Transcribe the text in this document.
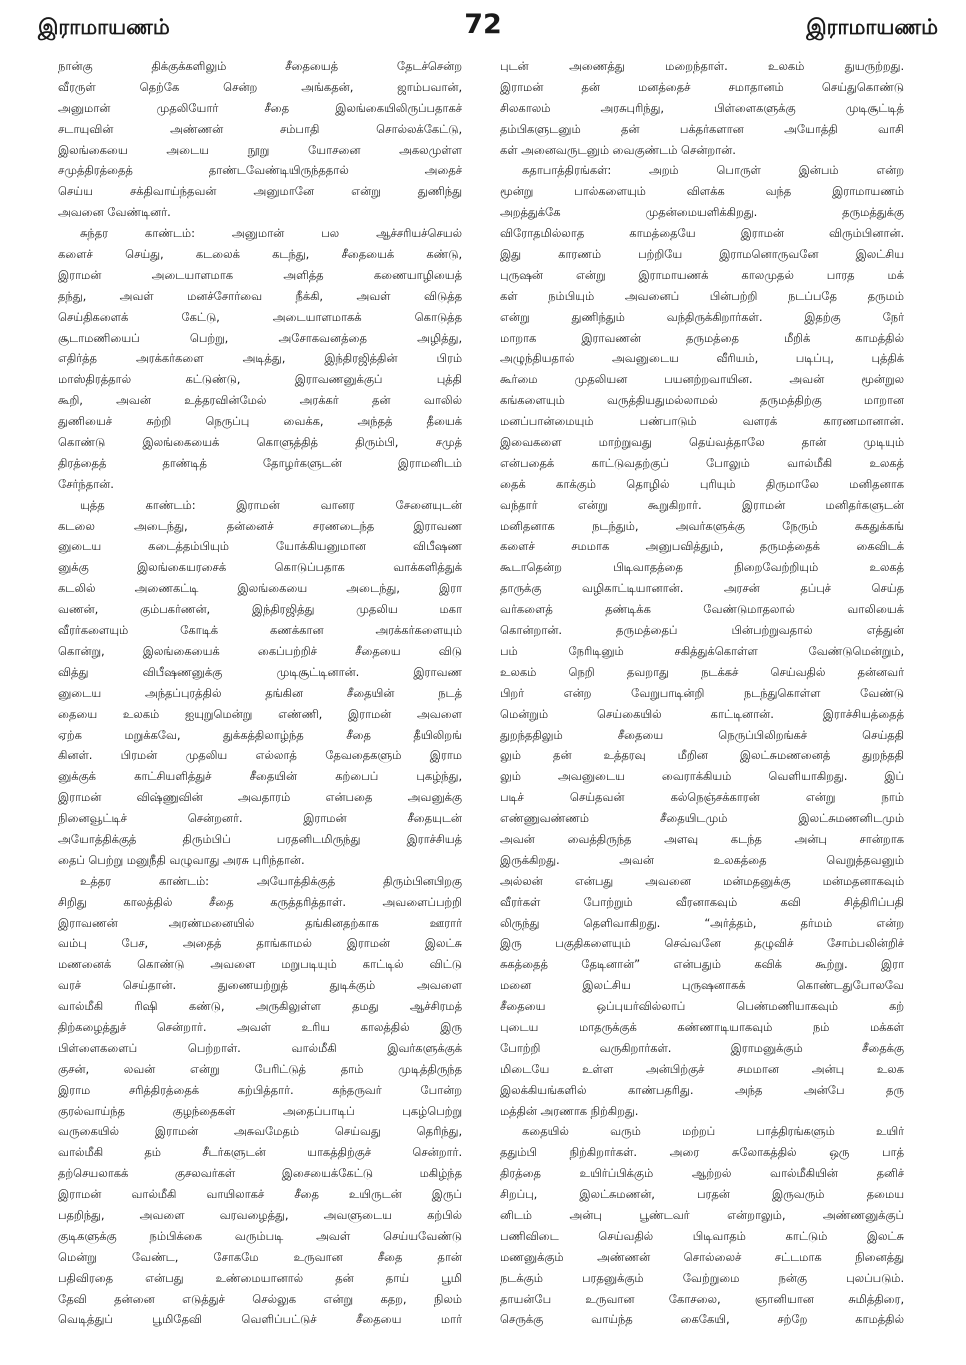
இராமாயணம்	72	இராமாயணம்
நான்கு திக்குக்களிலும் சீதையைத் தேடச்சென்ற
வீரருள் தெற்கே சென்ற அங்கதன், ஜாம்பவான்,
அனுமான் முதலியோர் சீதை இலங்கையிலிருப்பதாகச்
சடாயுவின் அண்ணன் சம்பாதி சொல்லக்கேட்டு,
இலங்கையை அடைய நூறு யோசனை அகலமுள்ள
சமுத்திரத்தைத் தாண்டவேண்டியிருந்ததால் அதைச்
செய்ய சக்திவாய்ந்தவன் அனுமானே என்று துணிந்து
அவனை வேண்டினர்.
சுந்தர காண்டம்: அனுமான் பல ஆச்சரியச்செயல்
களைச் செய்து, கடலைக் கடந்து, சீதையைக் கண்டு,
இராமன் அடையாளமாக அளித்த கணையாழியைத்
தந்து, அவள் மனச்சோர்வை நீக்கி, அவள் விடுத்த
செய்திகளைக் கேட்டு, அடையாளமாகக் கொடுத்த
சூடாமணியைப் பெற்று, அசோகவனத்தை அழித்து,
எதிர்த்த அரக்கர்களை அடித்து, இந்திரஜித்தின் பிரம்
மாஸ்திரத்தால் கட்டுண்டு, இராவணனுக்குப் புத்தி
கூறி, அவன் உத்தரவின்மேல் அரக்கர் தன் வாலில்
துணியைச் சுற்றி நெருப்பு வைக்க, அந்தத் தீயைக்
கொண்டு இலங்கையைக் கொளுத்தித் திரும்பி, சமுத்
திரத்தைத் தாண்டித் தோழர்களுடன் இராமனிடம்
சேர்ந்தான்.
யுத்த காண்டம்: இராமன் வானர சேனையுடன்
கடலை அடைந்து, தன்னைச் சரணடைந்த இராவண
னுடைய கடைத்தம்பியும் யோக்கியனுமான விபீஷண
னுக்கு இலங்கையரசைக் கொடுப்பதாக வாக்களித்துக்
கடலில் அணைகட்டி இலங்கையை அடைந்து, இரா
வணன், கும்பகர்ணன், இந்திரஜித்து முதலிய மகா
வீரர்களையும் கோடிக் கணக்கான அரக்கர்களையும்
கொன்று, இலங்கையைக் கைப்பற்றிச் சீதையை விடு
வித்து விபீஷணனுக்கு முடிசூட்டினான். இராவண
னுடைய அந்தப்புரத்தில் தங்கின சீதையின் நடத்
தையை உலகம் ஐயுறுமென்று எண்ணி, இராமன் அவளை
ஏற்க மறுக்கவே, துக்கத்திலாழ்ந்த சீதை தீயிலிறங்
கினள். பிரமன் முதலிய எல்லாத் தேவதைகளும் இராம
னுக்குக் காட்சியளித்துச் சீதையின் கற்பைப் புகழ்ந்து,
இராமன் விஷ்ணுவின் அவதாரம் என்பதை அவனுக்கு
நினைவூட்டிச் சென்றனர். இராமன் சீதையுடன்
அயோத்திக்குத் திரும்பிப் பரதனிடமிருந்து இராச்சியத்
தைப் பெற்று மனுநீதி வழுவாது அரசு புரிந்தான்.
உத்தர காண்டம்: அயோத்திக்குத் திரும்பினபிறகு
சிறிது காலத்தில் சீதை கருத்தரித்தாள். அவளைப்பற்றி
இராவணன் அரண்மனையில் தங்கினதற்காக ஊரார்
வம்பு பேச, அதைத் தாங்காமல் இராமன் இலட்சு
மணனைக் கொண்டு அவளை மறுபடியும் காட்டில் விட்டு
வரச் செய்தான். துணையற்றுத் துடிக்கும் அவளை
வால்மீகி ரிஷி கண்டு, அருகிலுள்ள தமது ஆச்சிரமத்
திற்கழைத்துச் சென்றார். அவள் உரிய காலத்தில் இரு
பிள்ளைகளைப் பெற்றாள். வால்மீகி இவர்களுக்குக்
குசன், லவன் என்று பேரிட்டுத் தாம் முடித்திருந்த
இராம சரித்திரத்தைக் கற்பித்தார். கந்தருவர் போன்ற
குரல்வாய்ந்த குழந்தைகள் அதைப்பாடிப் புகழ்பெற்று
வருகையில் இராமன் அசுவமேதம் செய்வது தெரிந்து,
வால்மீகி தம் சீடர்களுடன் யாகத்திற்குச் சென்றார்.
தற்செயலாகக் குசலவர்கள் இசையைக்கேட்டு மகிழ்ந்த
இராமன் வால்மீகி வாயிலாகச் சீதை உயிருடன் இருப்
பதறிந்து, அவளை வரவழைத்து, அவளுடைய கற்பில்
குடிகளுக்கு நம்பிக்கை வரும்படி அவள் செய்யவேண்டு
மென்று வேண்ட, சோகமே உருவான சீதை தான்
பதிவிரதை என்பது உண்மையானால் தன் தாய் பூமி
தேவி தன்னை எடுத்துச் செல்லுக என்று கதற, நிலம்
வெடித்துப் பூமிதேவி வெளிப்பட்டுச் சீதையை மார்
புடன் அணைத்து மறைந்தாள். உலகம் துயருற்றது.
இராமன் தன் மனத்தைச் சமாதானம் செய்துகொண்டு
சிலகாலம் அரசுபுரிந்து, பிள்ளைகளுக்கு முடிசூட்டித்
தம்பிகளுடனும் தன் பக்தர்களான அயோத்தி வாசி
கள் அனைவருடனும் வைகுண்டம் சென்றான்.
கதாபாத்திரங்கள்: அறம் பொருள் இன்பம் என்ற
மூன்று பால்களையும் விளக்க வந்த இராமாயணம்
அறத்துக்கே முதன்மையளிக்கிறது. தருமத்துக்கு
விரோதமில்லாத காமத்தையே இராமன் விரும்பினான்.
இது காரணம் பற்றியே இராமனொருவனே இலட்சிய
புருஷன் என்று இராமாயணக் காலமுதல் பாரத மக்
கள் நம்பியும் அவனைப் பின்பற்றி நடப்பதே தருமம்
என்று துணிந்தும் வந்திருக்கிறார்கள். இதற்கு நேர்
மாறாக இராவணன் தருமத்தை மீறிக் காமத்தில்
அழுந்தியதால் அவனுடைய வீரியம், படிப்பு, புத்திக்
கூர்மை முதலியன பயனற்றவாயின. அவன் மூன்றுல
கங்களையும் வருத்தியதுமல்லாமல் தருமத்திற்கு மாறான
மனப்பான்மையும் பண்பாடும் வளரக் காரணமானான்.
இவைகளை மாற்றுவது தெய்வத்தாலே தான் முடியும்
என்பதைக் காட்டுவதற்குப் போலும் வால்மீகி உலகத்
தைக் காக்கும் தொழில் புரியும் திருமாலே மனிதனாக
வந்தார் என்று கூறுகிறார். இராமன் மனிதர்களுடன்
மனிதனாக நடந்தும், அவர்களுக்கு நேரும் சுகதுக்கங்
களைச் சமமாக அனுபவித்தும், தருமத்தைக் கைவிடக்
கூடாதென்ற பிடிவாதத்தை நிறைவேற்றியும் உலகத்
தாருக்கு வழிகாட்டியானான். அரசன் தப்புச் செய்த
வர்களைத் தண்டிக்க வேண்டுமாதலால் வாலியைக்
கொன்றான். தருமத்தைப் பின்பற்றுவதால் எத்துன்
பம் நேரிடினும் சகித்துக்கொள்ள வேண்டுமென்றும்,
உலகம் நெறி தவறாது நடக்கச் செய்வதில் தன்னவர்
பிறர் என்ற வேறுபாடின்றி நடந்துகொள்ள வேண்டு
மென்றும் செய்கையில் காட்டினான். இராச்சியத்தைத்
துறந்ததிலும் சீதையை நெருப்பிலிறங்கச் செய்ததி
லும் தன் உத்தரவு மீறின இலட்சுமணனைத் துறந்ததி
லும் அவனுடைய வைராக்கியம் வெளியாகிறது. இப்
படிச் செய்தவன் கல்நெஞ்சக்காரன் என்று நாம்
எண்ணுவண்ணம் சீதையிடமும் இலட்சுமணனிடமும்
அவன் வைத்திருந்த அளவு கடந்த அன்பு சான்றாக
இருக்கிறது. அவன் உலகத்தை வெறுத்தவனும்
அல்லன் என்பது அவனை மன்மதனுக்கு மன்மதனாகவும்
வீரர்கள் போற்றும் வீரனாகவும் கவி சித்திரிப்பதி
லிருந்து தெளிவாகிறது. “அர்த்தம், தர்மம் என்ற
இரு பகுதிகளையும் செவ்வனே தழுவிச் சோம்பலின்றிச்
சுகத்தைத் தேடினான்” என்பதும் கவிக் கூற்று. இரா
மனை இலட்சிய புருஷனாகக் கொண்டதுபோலவே
சீதையை ஒப்புயர்வில்லாப் பெண்மணியாகவும் கற்
புடைய மாதருக்குக் கண்ணாடியாகவும் நம் மக்கள்
போற்றி வருகிறார்கள். இராமனுக்கும் சீதைக்கு
மிடையே உள்ள அன்பிற்குச் சமமான அன்பு உலக
இலக்கியங்களில் காண்பதரிது. அந்த அன்பே தரு
மத்தின் அரணாக நிற்கிறது.
கதையில் வரும் மற்றப் பாத்திரங்களும் உயிர்
ததும்பி நிற்கிறார்கள். அரை சுலோகத்தில் ஒரு பாத்
திரத்தை உயிர்ப்பிக்கும் ஆற்றல் வால்மீகியின் தனிச்
சிறப்பு, இலட்சுமணன், பரதன் இருவரும் தமைய
னிடம் அன்பு பூண்டவர் என்றாலும், அண்ணனுக்குப்
பணிவிடை செய்வதில் பிடிவாதம் காட்டும் இலட்சு
மணனுக்கும் அண்ணன் சொல்லைச் சட்டமாக நினைத்து
நடக்கும் பரதனுக்கும் வேற்றுமை நன்கு புலப்படும்.
தாயன்பே உருவான கோசலை, ஞானியான சுமித்திரை,
செருக்கு வாய்ந்த கைகேயி, சற்றே காமத்தில்
